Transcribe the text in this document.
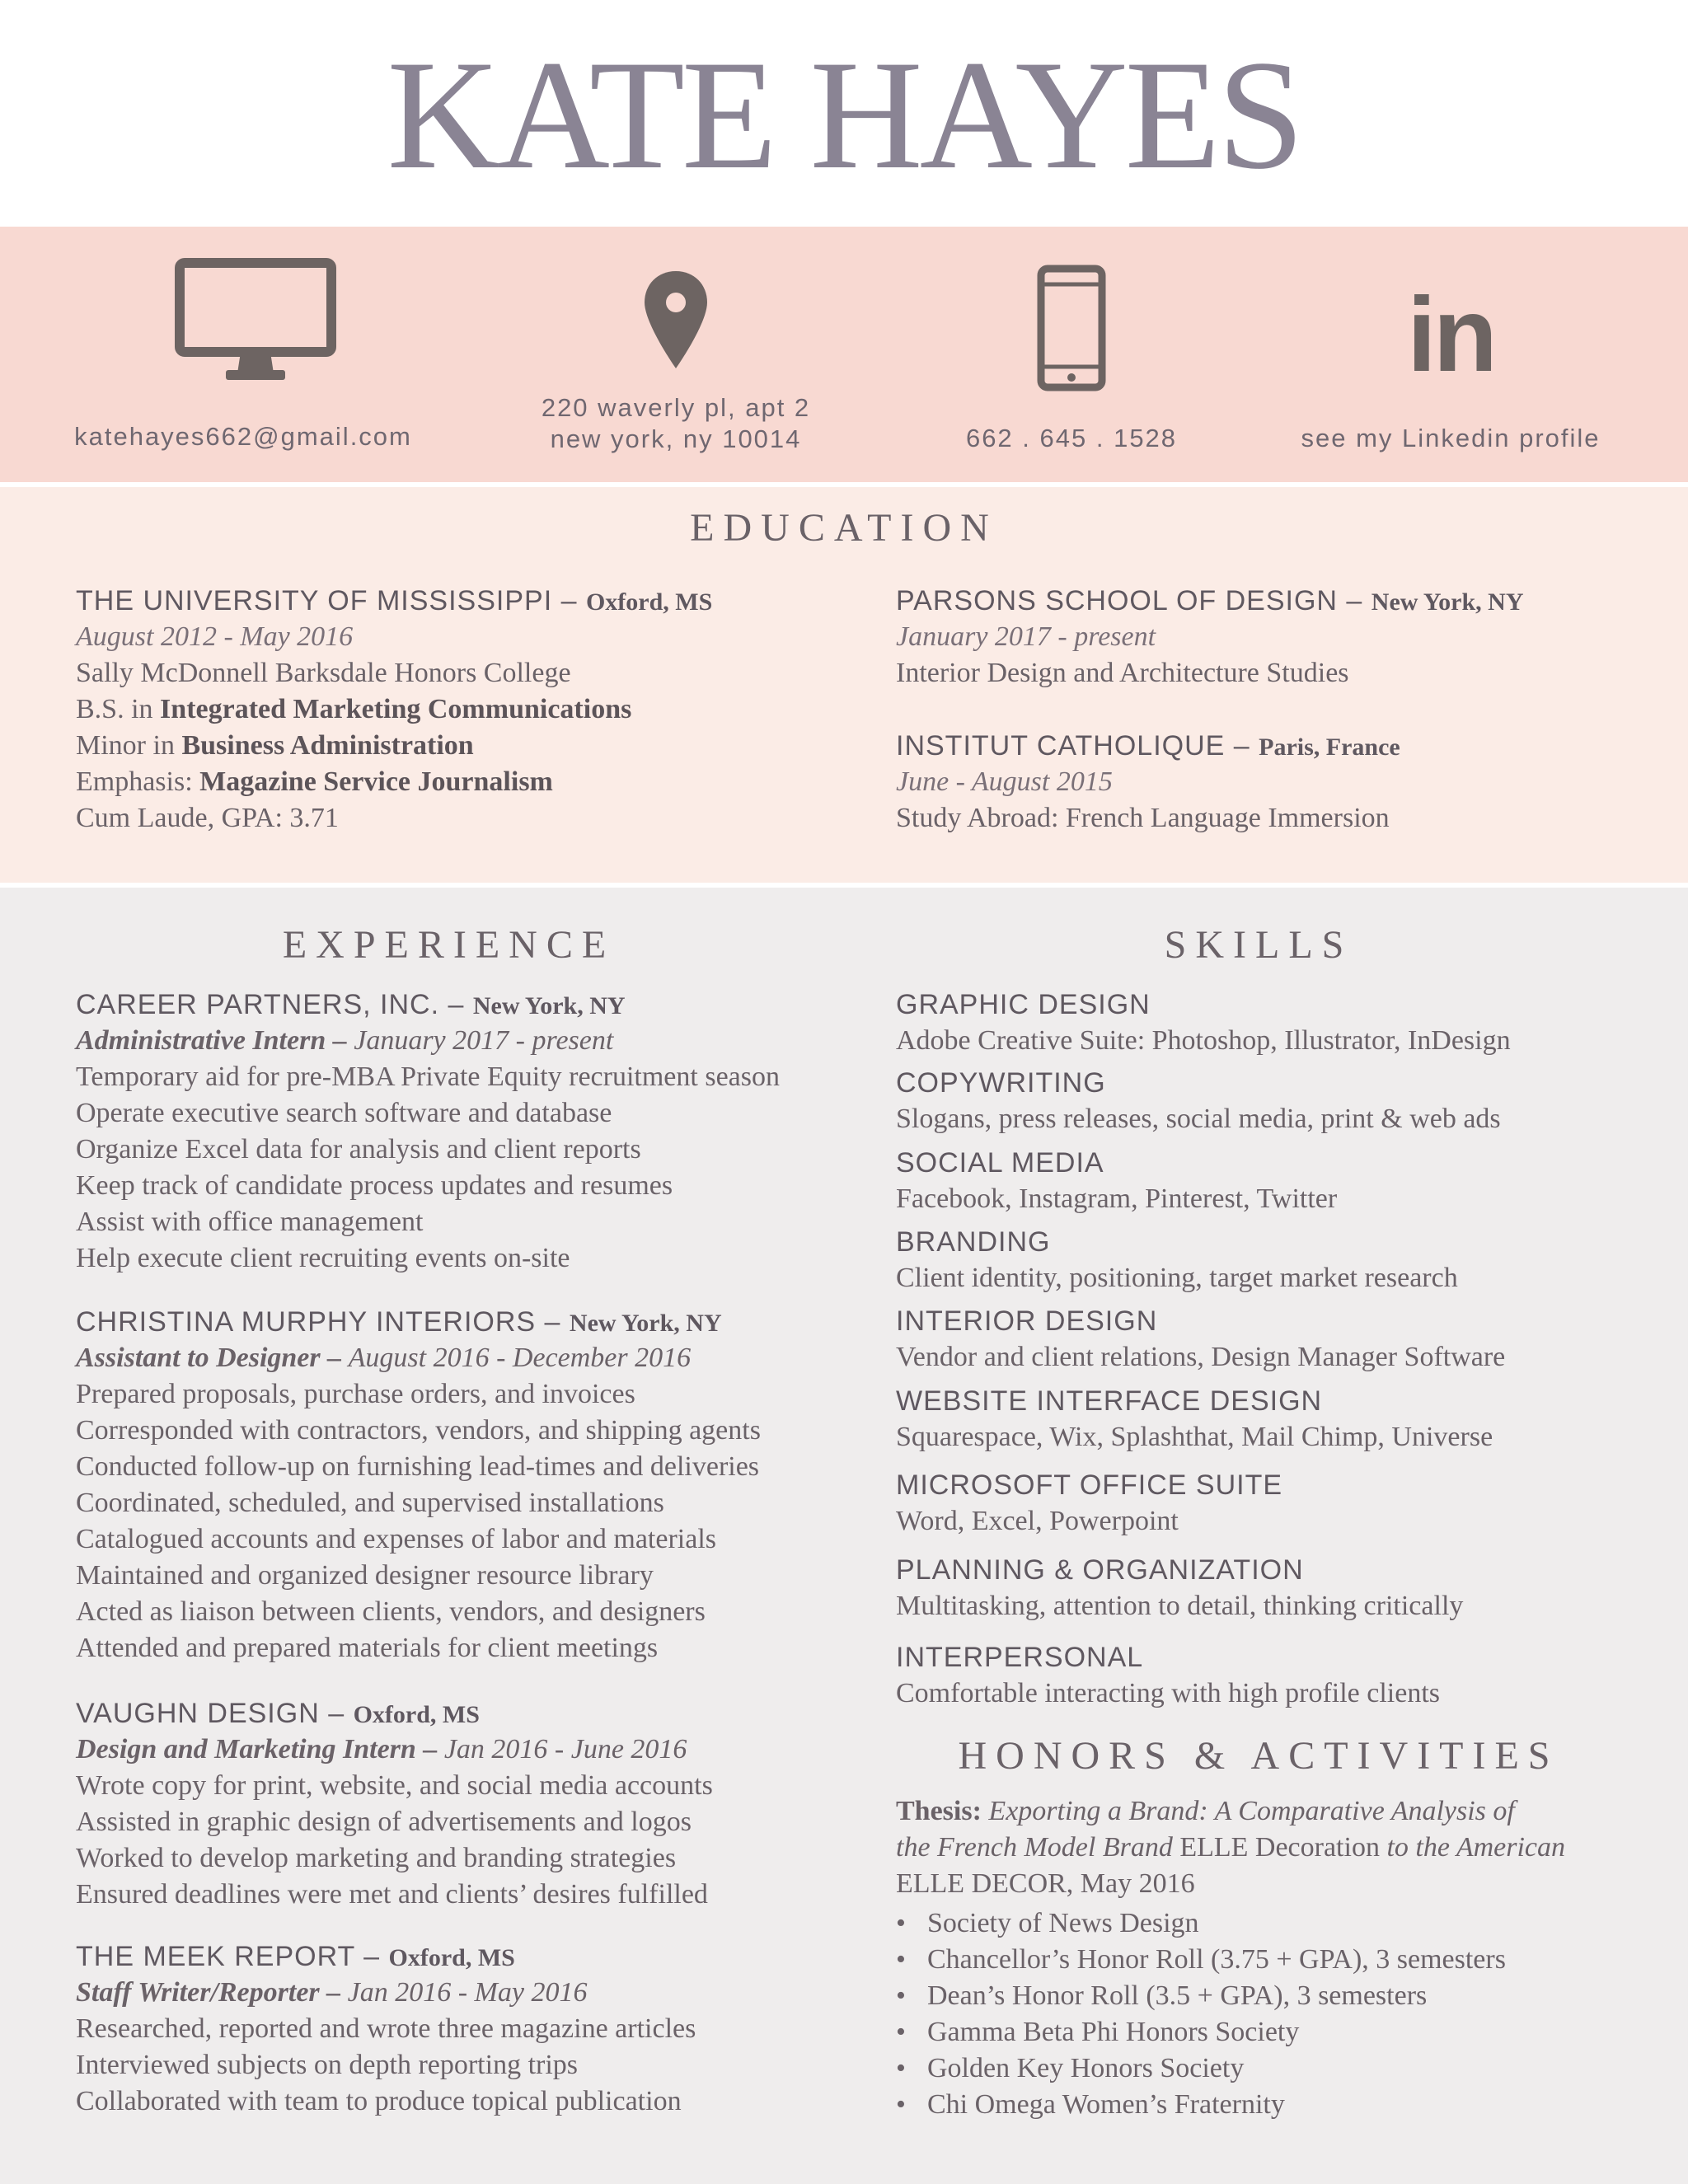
KATE HAYES
katehayes662@gmail.com
220 waverly pl, apt 2
new york, ny 10014	662 . 645 . 1528
in
see my Linkedin profile
EDUCATION
THE UNIVERSITY OF MISSISSIPPI – Oxford, MS
August 2012 - May 2016
Sally McDonnell Barksdale Honors College
B.S. in Integrated Marketing Communications
Minor in Business Administration
Emphasis: Magazine Service Journalism
Cum Laude, GPA: 3.71
PARSONS SCHOOL OF DESIGN – New York, NY
January 2017 - present
Interior Design and Architecture Studies
INSTITUT CATHOLIQUE – Paris, France
June - August 2015
Study Abroad: French Language Immersion
EXPERIENCE	SKILLS
CAREER PARTNERS, INC. – New York, NY
Administrative Intern – January 2017 - present
Temporary aid for pre-MBA Private Equity recruitment season
Operate executive search software and database
Organize Excel data for analysis and client reports
Keep track of candidate process updates and resumes
Assist with office management
Help execute client recruiting events on-site
CHRISTINA MURPHY INTERIORS – New York, NY
Assistant to Designer – August 2016 - December 2016
Prepared proposals, purchase orders, and invoices
Corresponded with contractors, vendors, and shipping agents
Conducted follow-up on furnishing lead-times and deliveries
Coordinated, scheduled, and supervised installations
Catalogued accounts and expenses of labor and materials
Maintained and organized designer resource library
Acted as liaison between clients, vendors, and designers
Attended and prepared materials for client meetings
VAUGHN DESIGN – Oxford, MS
Design and Marketing Intern – Jan 2016 - June 2016
Wrote copy for print, website, and social media accounts
Assisted in graphic design of advertisements and logos
Worked to develop marketing and branding strategies
Ensured deadlines were met and clients’ desires fulfilled
THE MEEK REPORT – Oxford, MS
Staff Writer/Reporter – Jan 2016 - May 2016
Researched, reported and wrote three magazine articles
Interviewed subjects on depth reporting trips
Collaborated with team to produce topical publication
GRAPHIC DESIGN
Adobe Creative Suite: Photoshop, Illustrator, InDesign
COPYWRITING
Slogans, press releases, social media, print & web ads
SOCIAL MEDIA
Facebook, Instagram, Pinterest, Twitter
BRANDING
Client identity, positioning, target market research
INTERIOR DESIGN
Vendor and client relations, Design Manager Software
WEBSITE INTERFACE DESIGN
Squarespace, Wix, Splashthat, Mail Chimp, Universe
MICROSOFT OFFICE SUITE
Word, Excel, Powerpoint
PLANNING & ORGANIZATION
Multitasking, attention to detail, thinking critically
INTERPERSONAL
Comfortable interacting with high profile clients
HONORS & ACTIVITIES
Thesis: Exporting a Brand: A Comparative Analysis of
the French Model Brand ELLE Decoration to the American
ELLE DECOR, May 2016
• Society of News Design
• Chancellor’s Honor Roll (3.75 + GPA), 3 semesters
• Dean’s Honor Roll (3.5 + GPA), 3 semesters
• Gamma Beta Phi Honors Society
• Golden Key Honors Society
• Chi Omega Women’s Fraternity
